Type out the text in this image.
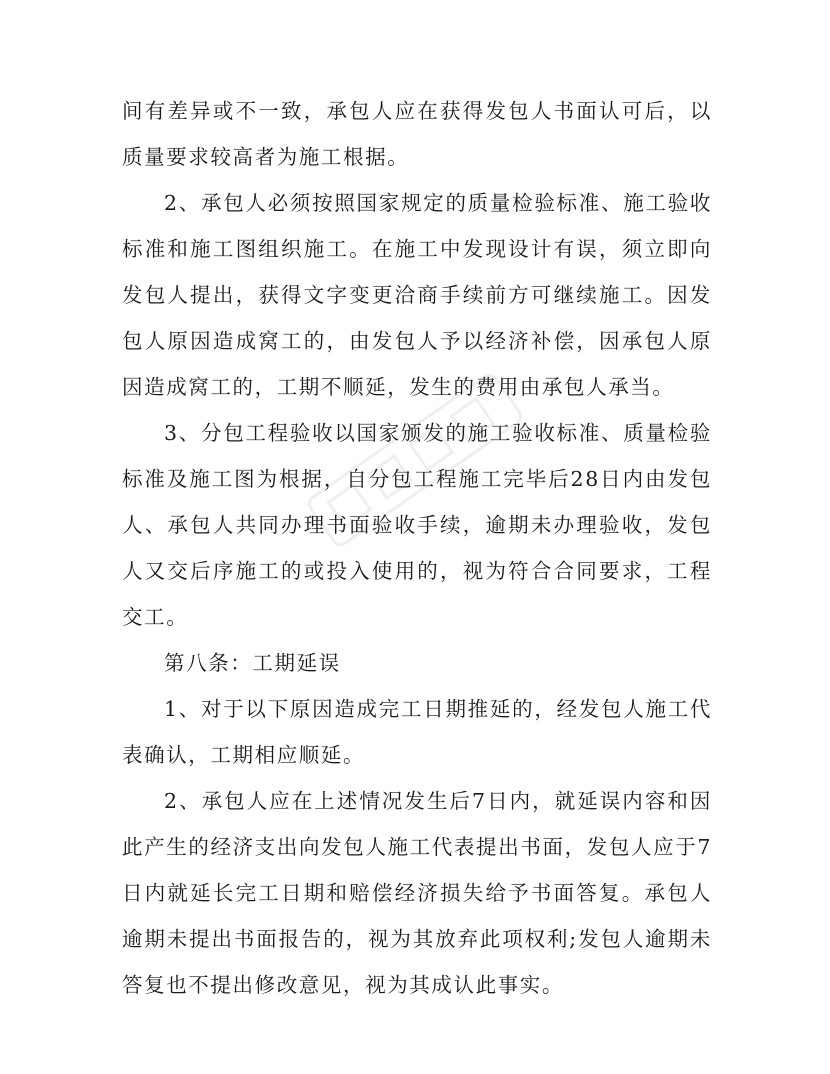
间有差异或不一致，承包人应在获得发包人书面认可后，以质量要求较高者为施工根据。

2、承包人必须按照国家规定的质量检验标准、施工验收标准和施工图组织施工。在施工中发现设计有误，须立即向发包人提出，获得文字变更洽商手续前方可继续施工。因发包人原因造成窝工的，由发包人予以经济补偿，因承包人原因造成窝工的，工期不顺延，发生的费用由承包人承当。

3、分包工程验收以国家颁发的施工验收标准、质量检验标准及施工图为根据，自分包工程施工完毕后28日内由发包人、承包人共同办理书面验收手续，逾期未办理验收，发包人又交后序施工的或投入使用的，视为符合合同要求，工程交工。

第八条：工期延误

1、对于以下原因造成完工日期推延的，经发包人施工代表确认，工期相应顺延。

2、承包人应在上述情况发生后7日内，就延误内容和因此产生的经济支出向发包人施工代表提出书面，发包人应于7日内就延长完工日期和赔偿经济损失给予书面答复。承包人逾期未提出书面报告的，视为其放弃此项权利;发包人逾期未答复也不提出修改意见，视为其成认此事实。
